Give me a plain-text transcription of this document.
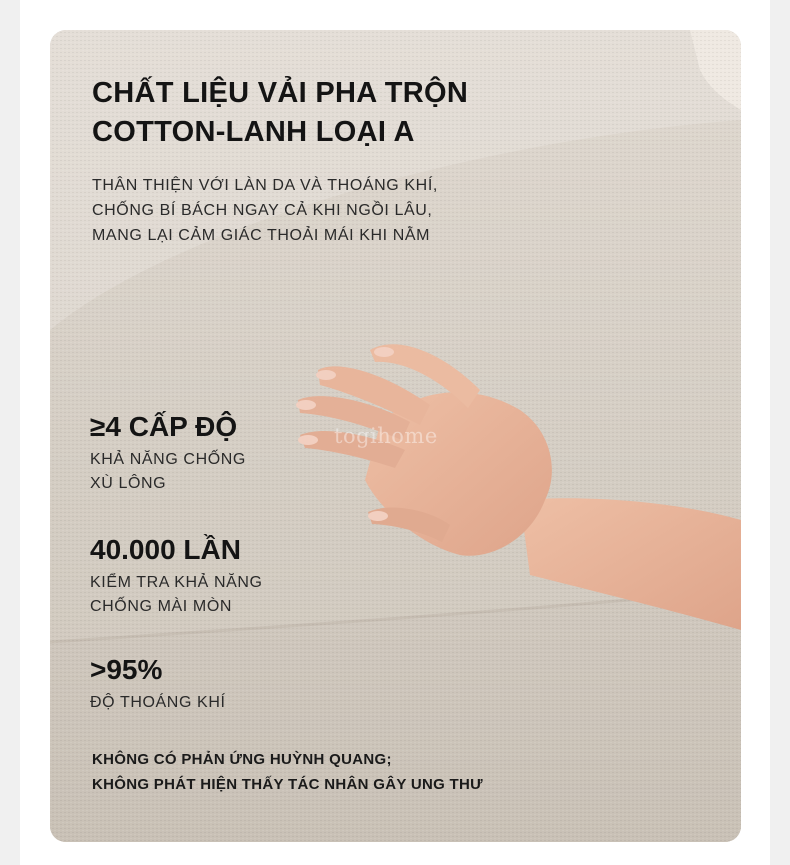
CHẤT LIỆU VẢI PHA TRỘN
COTTON-LANH LOẠI A

THÂN THIỆN VỚI LÀN DA VÀ THOÁNG KHÍ,
CHỐNG BÍ BÁCH NGAY CẢ KHI NGỒI LÂU,
MANG LẠI CẢM GIÁC THOẢI MÁI KHI NẰM

≥4 CẤP ĐỘ
KHẢ NĂNG CHỐNG
XÙ LÔNG
40.000 LẦN
KIỂM TRA KHẢ NĂNG
CHỐNG MÀI MÒN
>95%
ĐỘ THOÁNG KHÍ

KHÔNG CÓ PHẢN ỨNG HUỲNH QUANG;
KHÔNG PHÁT HIỆN THẤY TÁC NHÂN GÂY UNG THƯ

togihome
